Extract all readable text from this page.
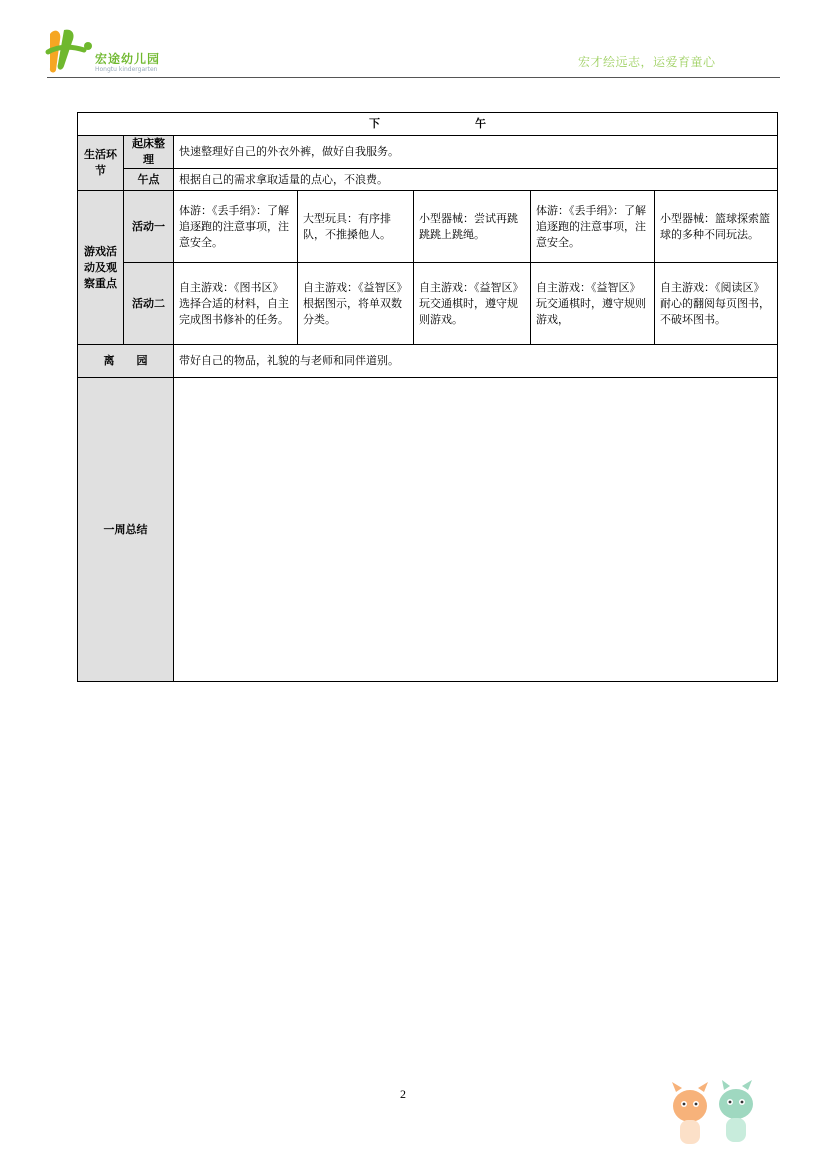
宏途幼儿园
Hongtu kindergarten
宏才绘远志，运爱育童心
下 午						
生活环节	起床整理	快速整理好自己的外衣外裤，做好自我服务。				
	午点	根据自己的需求拿取适量的点心，不浪费。				
游戏活动及观察重点	活动一	体游：《丢手绢》：了解追逐跑的注意事项，注意安全。	大型玩具：有序排队，不推搡他人。	小型器械：尝试再跳跳跳上跳绳。	体游：《丢手绢》：了解追逐跑的注意事项，注意安全。	小型器械：篮球探索篮球的多种不同玩法。
	活动二	自主游戏：《图书区》选择合适的材料，自主完成图书修补的任务。	自主游戏：《益智区》根据图示，将单双数分类。	自主游戏：《益智区》玩交通棋时，遵守规则游戏。	自主游戏：《益智区》玩交通棋时，遵守规则游戏，	自主游戏：《阅读区》耐心的翻阅每页图书，不破坏图书。
离　　园		带好自己的物品，礼貌的与老师和同伴道别。				
一周总结						
2
